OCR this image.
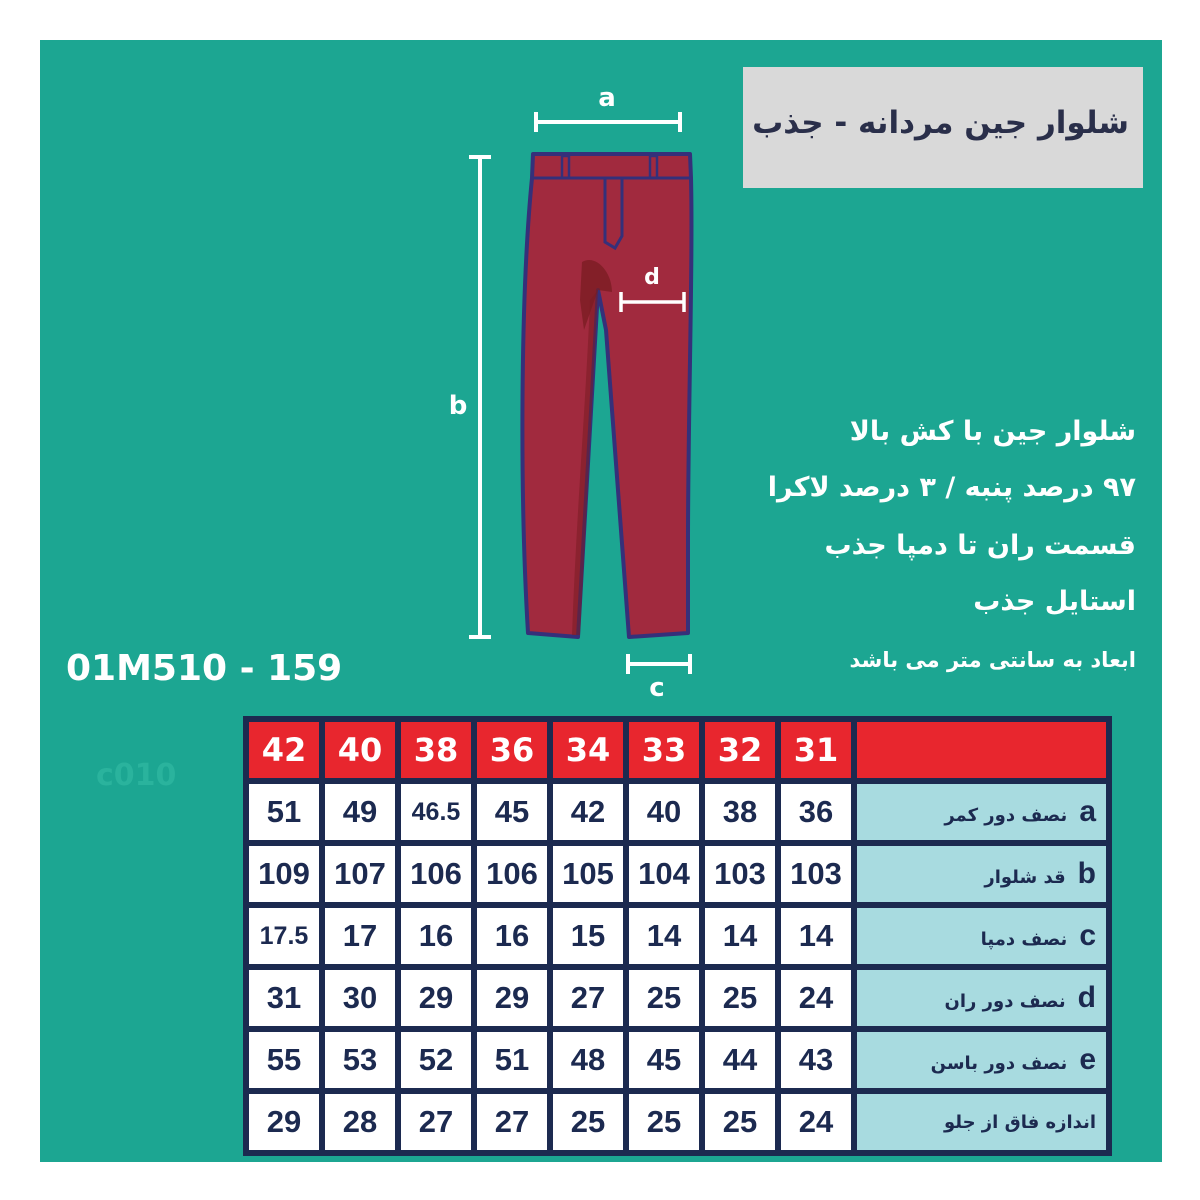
شلوار جین مردانه - جذب
a
b
d
c
شلوار جین با کش بالا
۹۷ درصد پنبه / ۳ درصد لاکرا
قسمت ران تا دمپا جذب
استایل جذب
ابعاد به سانتی متر می باشد
01M510 - 159
c010
42	40	38	36	34	33	32	31	
51	49	46.5	45	42	40	38	36	aنصف دور کمر
109	107	106	106	105	104	103	103	bقد شلوار
17.5	17	16	16	15	14	14	14	cنصف دمپا
31	30	29	29	27	25	25	24	dنصف دور ران
55	53	52	51	48	45	44	43	eنصف دور باسن
29	28	27	27	25	25	25	24	اندازه فاق از جلو
